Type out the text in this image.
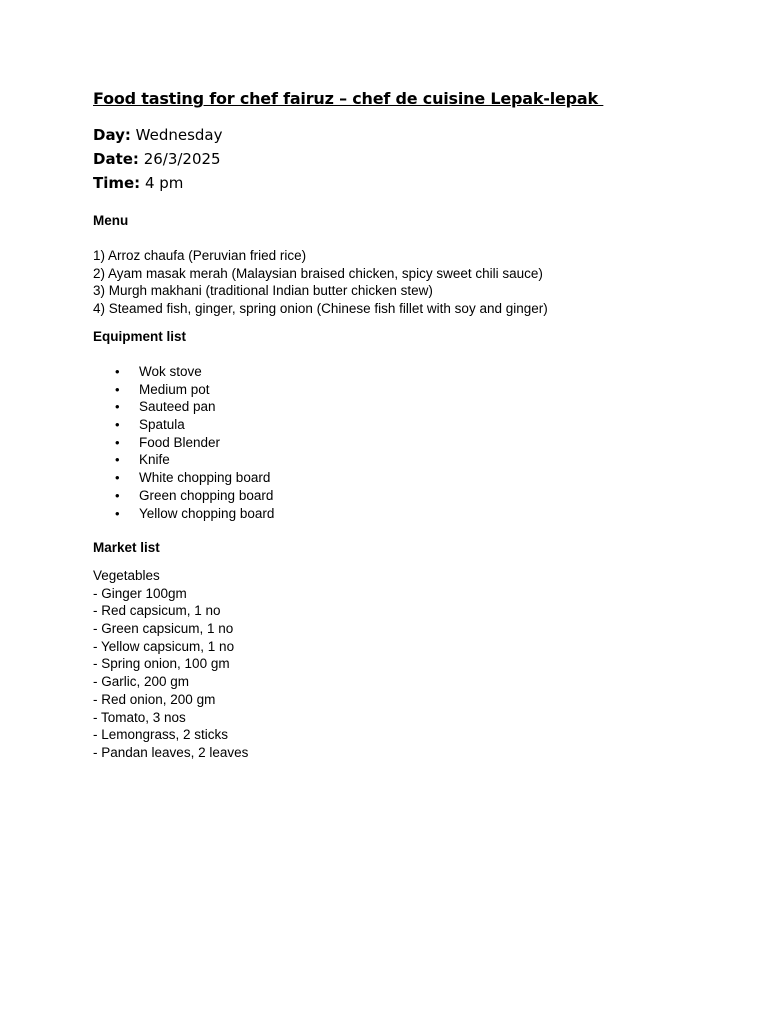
Food tasting for chef fairuz – chef de cuisine Lepak-lepak
Day: Wednesday
Date: 26/3/2025
Time: 4 pm
Menu
1) Arroz chaufa (Peruvian fried rice)
2) Ayam masak merah (Malaysian braised chicken, spicy sweet chili sauce)
3) Murgh makhani (traditional Indian butter chicken stew)
4) Steamed fish, ginger, spring onion (Chinese fish fillet with soy and ginger)
Equipment list
• Wok stove
• Medium pot
• Sauteed pan
• Spatula
• Food Blender
• Knife
• White chopping board
• Green chopping board
• Yellow chopping board
Market list
Vegetables
- Ginger 100gm
- Red capsicum, 1 no
- Green capsicum, 1 no
- Yellow capsicum, 1 no
- Spring onion, 100 gm
- Garlic, 200 gm
- Red onion, 200 gm
- Tomato, 3 nos
- Lemongrass, 2 sticks
- Pandan leaves, 2 leaves
